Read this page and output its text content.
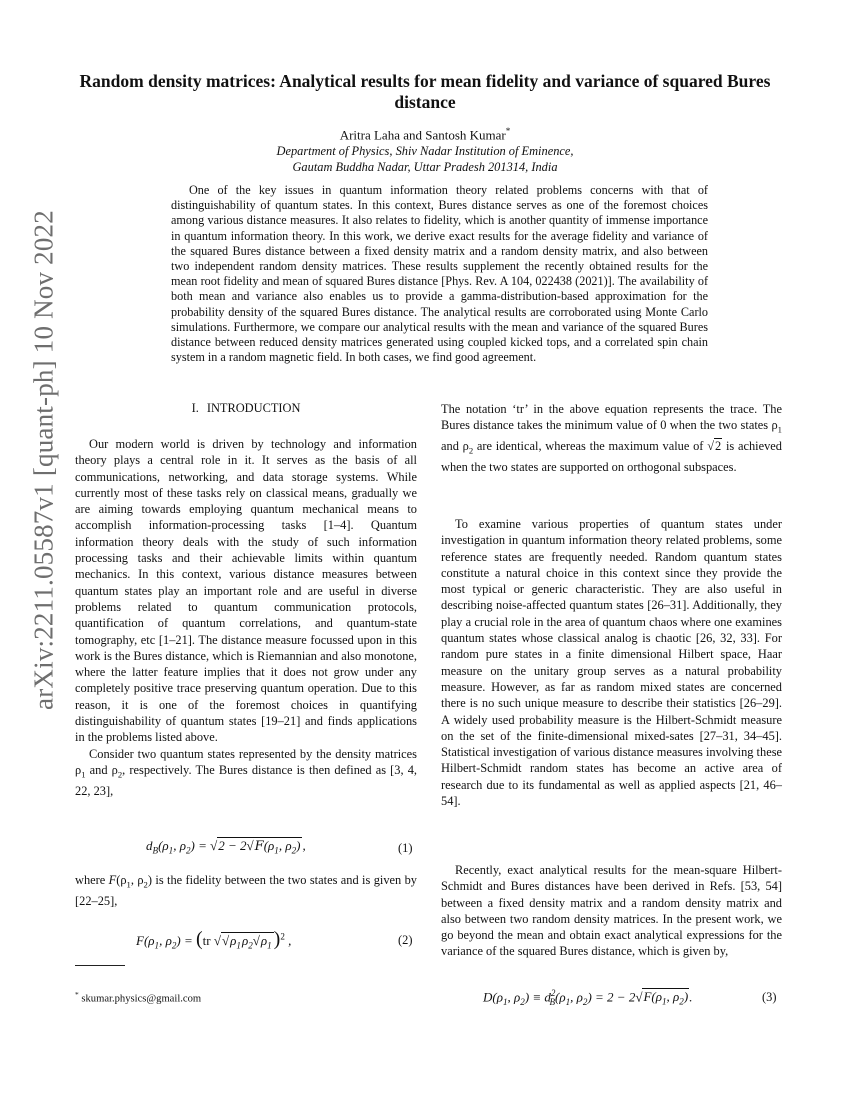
arXiv:2211.05587v1 [quant-ph] 10 Nov 2022
Random density matrices: Analytical results for mean fidelity and variance of squared Bures distance
Aritra Laha and Santosh Kumar*
Department of Physics, Shiv Nadar Institution of Eminence,
Gautam Buddha Nadar, Uttar Pradesh 201314, India

One of the key issues in quantum information theory related problems concerns with that of distinguishability of quantum states. In this context, Bures distance serves as one of the foremost choices among various distance measures. It also relates to fidelity, which is another quantity of immense importance in quantum information theory. In this work, we derive exact results for the average fidelity and variance of the squared Bures distance between a fixed density matrix and a random density matrix, and also between two independent random density matrices. These results supplement the recently obtained results for the mean root fidelity and mean of squared Bures distance [Phys. Rev. A 104, 022438 (2021)]. The availability of both mean and variance also enables us to provide a gamma-distribution-based approximation for the probability density of the squared Bures distance. The analytical results are corroborated using Monte Carlo simulations. Furthermore, we compare our analytical results with the mean and variance of the squared Bures distance between reduced density matrices generated using coupled kicked tops, and a correlated spin chain system in a random magnetic field. In both cases, we find good agreement.

I. INTRODUCTION

Our modern world is driven by technology and information theory plays a central role in it. It serves as the basis of all communications, networking, and data storage systems. While currently most of these tasks rely on classical means, gradually we are aiming towards employing quantum mechanical means to accomplish information-processing tasks [1–4]. Quantum information theory deals with the study of such information processing tasks and their achievable limits within quantum mechanics. In this context, various distance measures between quantum states play an important role and are useful in diverse problems related to quantum communication protocols, quantification of quantum correlations, and quantum-state tomography, etc [1–21]. The distance measure focussed upon in this work is the Bures distance, which is Riemannian and also monotone, where the latter feature implies that it does not grow under any completely positive trace preserving quantum operation. Due to this reason, it is one of the foremost choices in quantifying distinguishability of quantum states [19–21] and finds applications in the problems listed above.

Consider two quantum states represented by the density matrices $\rho_1$ and $\rho_2$, respectively. The Bures distance is then defined as [3, 4, 22, 23],

$d_B(\rho_1$, $\rho_2) = √2 - 2√F(\rho_1$, $\rho_2$) ,	(1)

where $F(\rho_1$, $\rho_2$) is the fidelity between the two states and is given by [22–25],

$F(\rho_1$, $\rho_2) = (tr$ $√√\rho_1\rho_2√\rho_1$ )$^2$ ,	(2)
* skumar.physics@gmail.com

The notation ‘tr’ in the above equation represents the trace. The Bures distance takes the minimum value of 0 when the two states $\rho_1$ and $\rho_2$ are identical, whereas the maximum value of √2 is achieved when the two states are supported on orthogonal subspaces.

To examine various properties of quantum states under investigation in quantum information theory related problems, some reference states are frequently needed. Random quantum states constitute a natural choice in this context since they provide the most typical or generic characteristic. They are also useful in describing noise-affected quantum states [26–31]. Additionally, they play a crucial role in the area of quantum chaos where one examines quantum states whose classical analog is chaotic [26, 32, 33]. For random pure states in a finite dimensional Hilbert space, Haar measure on the unitary group serves as a natural probability measure. However, as far as random mixed states are concerned there is no such unique measure to describe their statistics [26–29]. A widely used probability measure is the Hilbert-Schmidt measure on the set of the finite-dimensional mixed-sates [27–31, 34–45]. Statistical investigation of various distance measures involving these Hilbert-Schmidt random states has become an active area of research due to its fundamental as well as applied aspects [21, 46–54].

Recently, exact analytical results for the mean-square Hilbert-Schmidt and Bures distances have been derived in Refs. [53, 54] between a fixed density matrix and a random density matrix and also between two random density matrices. In the present work, we go beyond the mean and obtain exact analytical expressions for the variance of the squared Bures distance, which is given by,

$D(\rho_1$, $\rho_2) \equiv d^2_B(\rho_1$, $\rho_2) = 2 - 2√F(\rho_1$, $\rho_2$).	(3)
